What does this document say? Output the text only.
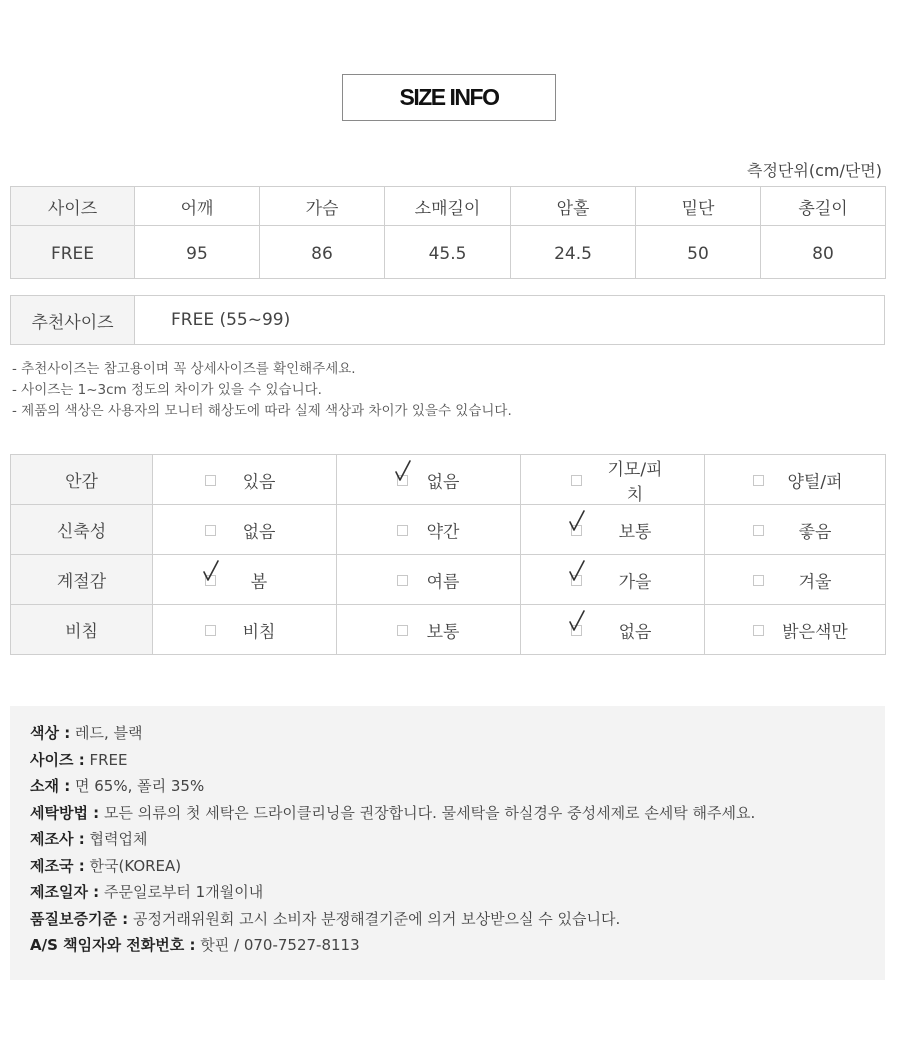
SIZE INFO
측정단위(cm/단면)
사이즈	어깨	가슴	소매길이	암홀	밑단	총길이
FREE	95	86	45.5	24.5	50	80
추천사이즈	FREE (55~99)
- 추천사이즈는 참고용이며 꼭 상세사이즈를 확인해주세요.
- 사이즈는 1~3cm 정도의 차이가 있을 수 있습니다.
- 제품의 색상은 사용자의 모니터 해상도에 따라 실제 색상과 차이가 있을수 있습니다.
안감	있음	없음	기모/피치	양털/퍼

신축성	없음	약간	보통	좋음

계절감	봄	여름	가을	겨울

비침	비침	보통	없음	밝은색만
색상 : 레드, 블랙
사이즈 : FREE
소재 : 면 65%, 폴리 35%
세탁방법 : 모든 의류의 첫 세탁은 드라이클리닝을 권장합니다. 물세탁을 하실경우 중성세제로 손세탁 해주세요.
제조사 : 협력업체
제조국 : 한국(KOREA)
제조일자 : 주문일로부터 1개월이내
품질보증기준 : 공정거래위원회 고시 소비자 분쟁해결기준에 의거 보상받으실 수 있습니다.
A/S 책임자와 전화번호 : 핫핀 / 070-7527-8113
